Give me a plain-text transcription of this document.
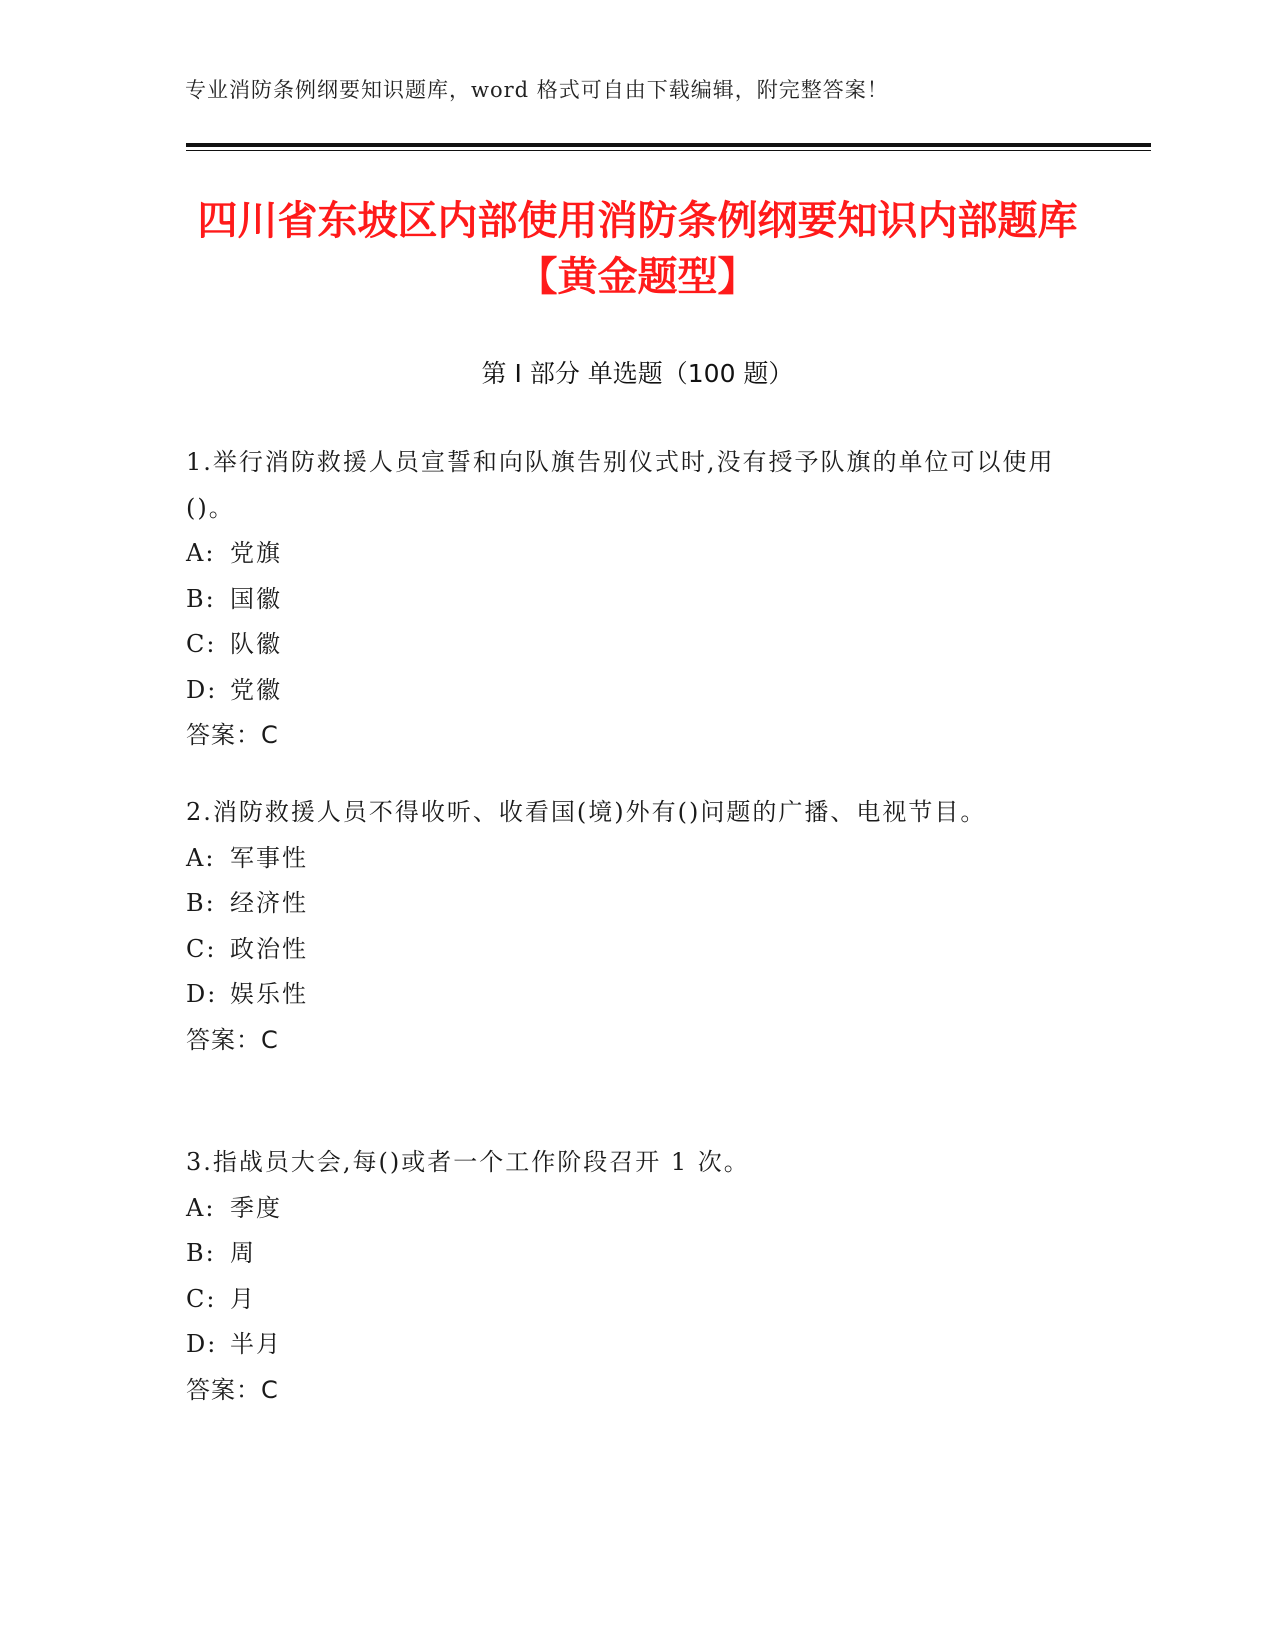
专业消防条例纲要知识题库，word 格式可自由下载编辑，附完整答案！
四川省东坡区内部使用消防条例纲要知识内部题库【黄金题型】
第 I 部分 单选题（100 题）

1.举行消防救援人员宣誓和向队旗告别仪式时,没有授予队旗的单位可以使用()。

A: 党旗

B: 国徽

C: 队徽

D: 党徽

答案：C

2.消防救援人员不得收听、收看国(境)外有()问题的广播、电视节目。

A: 军事性

B: 经济性

C: 政治性

D: 娱乐性

答案：C

3.指战员大会,每()或者一个工作阶段召开 1 次。

A: 季度

B: 周

C: 月

D: 半月

答案：C
